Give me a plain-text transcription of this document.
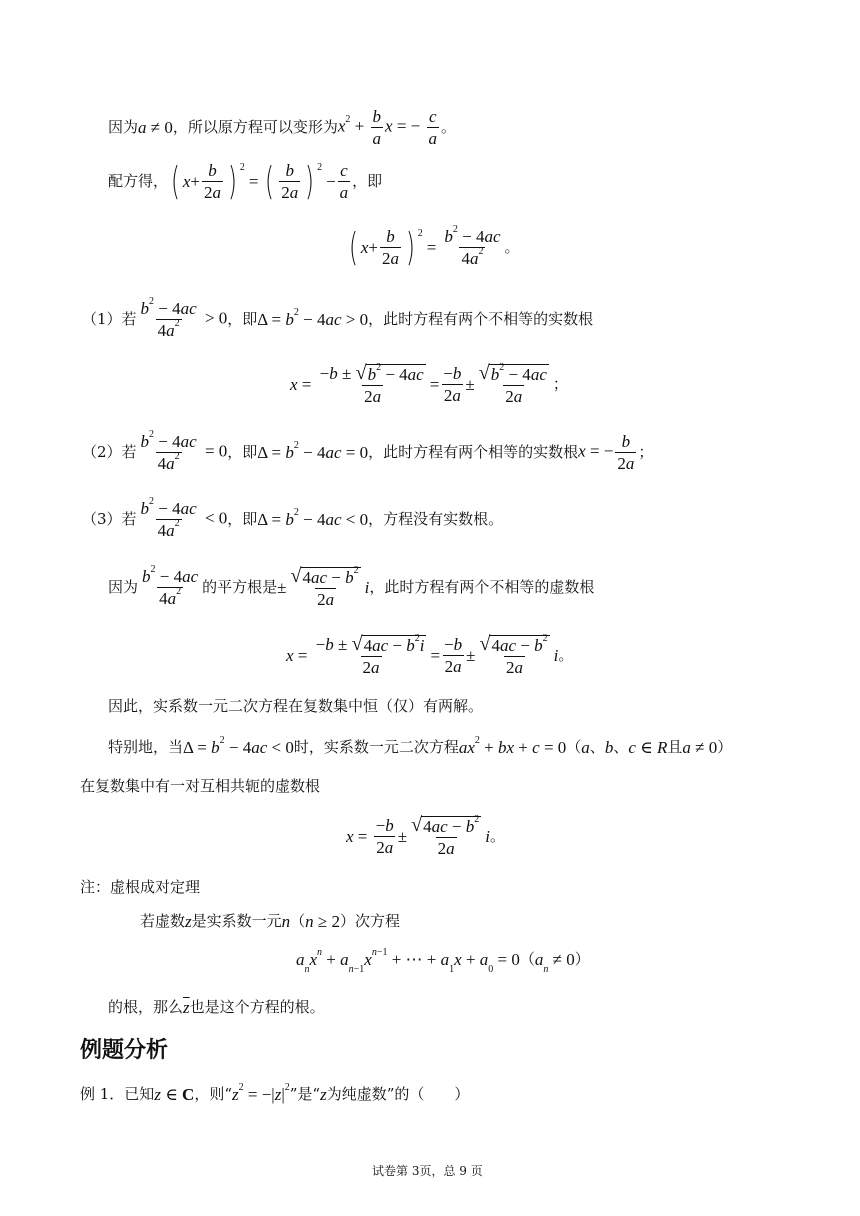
因为 a ≠ 0 ，所以原方程可以变形为 $x^2 + \frac{b}{a}$ x = − $\frac{c}{a}$ 。
配方得， ( $x + \frac{b}{2a}$ ) $^2$
= ( $\frac{b}{2a}$ ) $^2$
− $\frac{c}{a}$ ，即
( $x + \frac{b}{2a}$ ) $^2$
= $\frac{b^2 - 4ac}{4a^2}$ 。
（1）若 $\frac{b^2 - 4ac}{4a^2} > 0$ ，即 $\Delta = b^2 - 4ac > 0$ ，此时方程有两个不相等的实数根
$x = \frac{-b \pm √ b^2 - 4ac}{2a} = \frac{-b}{2a} \pm \frac{√ b^2 - 4ac}{2a}$ ；
（2）若 $\frac{b^2 - 4ac}{4a^2} = 0$ ，即 $\Delta = b^2 - 4ac = 0$ ，此时方程有两个相等的实数根 x = − $\frac{b}{2a}$ ；
（3）若 $\frac{b^2 - 4ac}{4a^2} < 0$ ，即 $\Delta = b^2 - 4ac < 0$ ，方程没有实数根。
因为 $\frac{b^2 - 4ac}{4a^2}$ 的平方根是 ± $\frac{√ 4ac - b^2}{2a}$ i ，此时方程有两个不相等的虚数根
$x = \frac{-b \pm √ 4ac - b^2i}{2a} = \frac{-b}{2a} \pm \frac{√ 4ac - b^2}{2a}$ i 。
因此，实系数一元二次方程在复数集中恒（仅）有两解。
特别地，当 $\Delta = b^2 - 4ac < 0$ 时，实系数一元二次方程 $ax^2$ + bx + c = 0 （ a 、 b 、 c ∈ R 且 a ≠ 0 ）
在复数集中有一对互相共轭的虚数根
$x = \frac{-b}{2a} \pm \frac{√ 4ac - b^2}{2a}$ i 。
注：虚根成对定理
若虚数 z 是实系数一元 n （ n ≥ 2 ）次方程
$a_nx^n + a_{n-1}x^{n-1}$ + ⋯ + $a_1x + a_0 = 0$ （ $a_n \ne 0$ ）
的根，那么 $\overline{z}$ 也是这个方程的根。
例题分析
例 1．已知 z ∈ C ，则“ $z^2 = -|z|^2$ ”是“ z 为纯虚数 ”的（　　）
试卷第 3页，总 9 页
